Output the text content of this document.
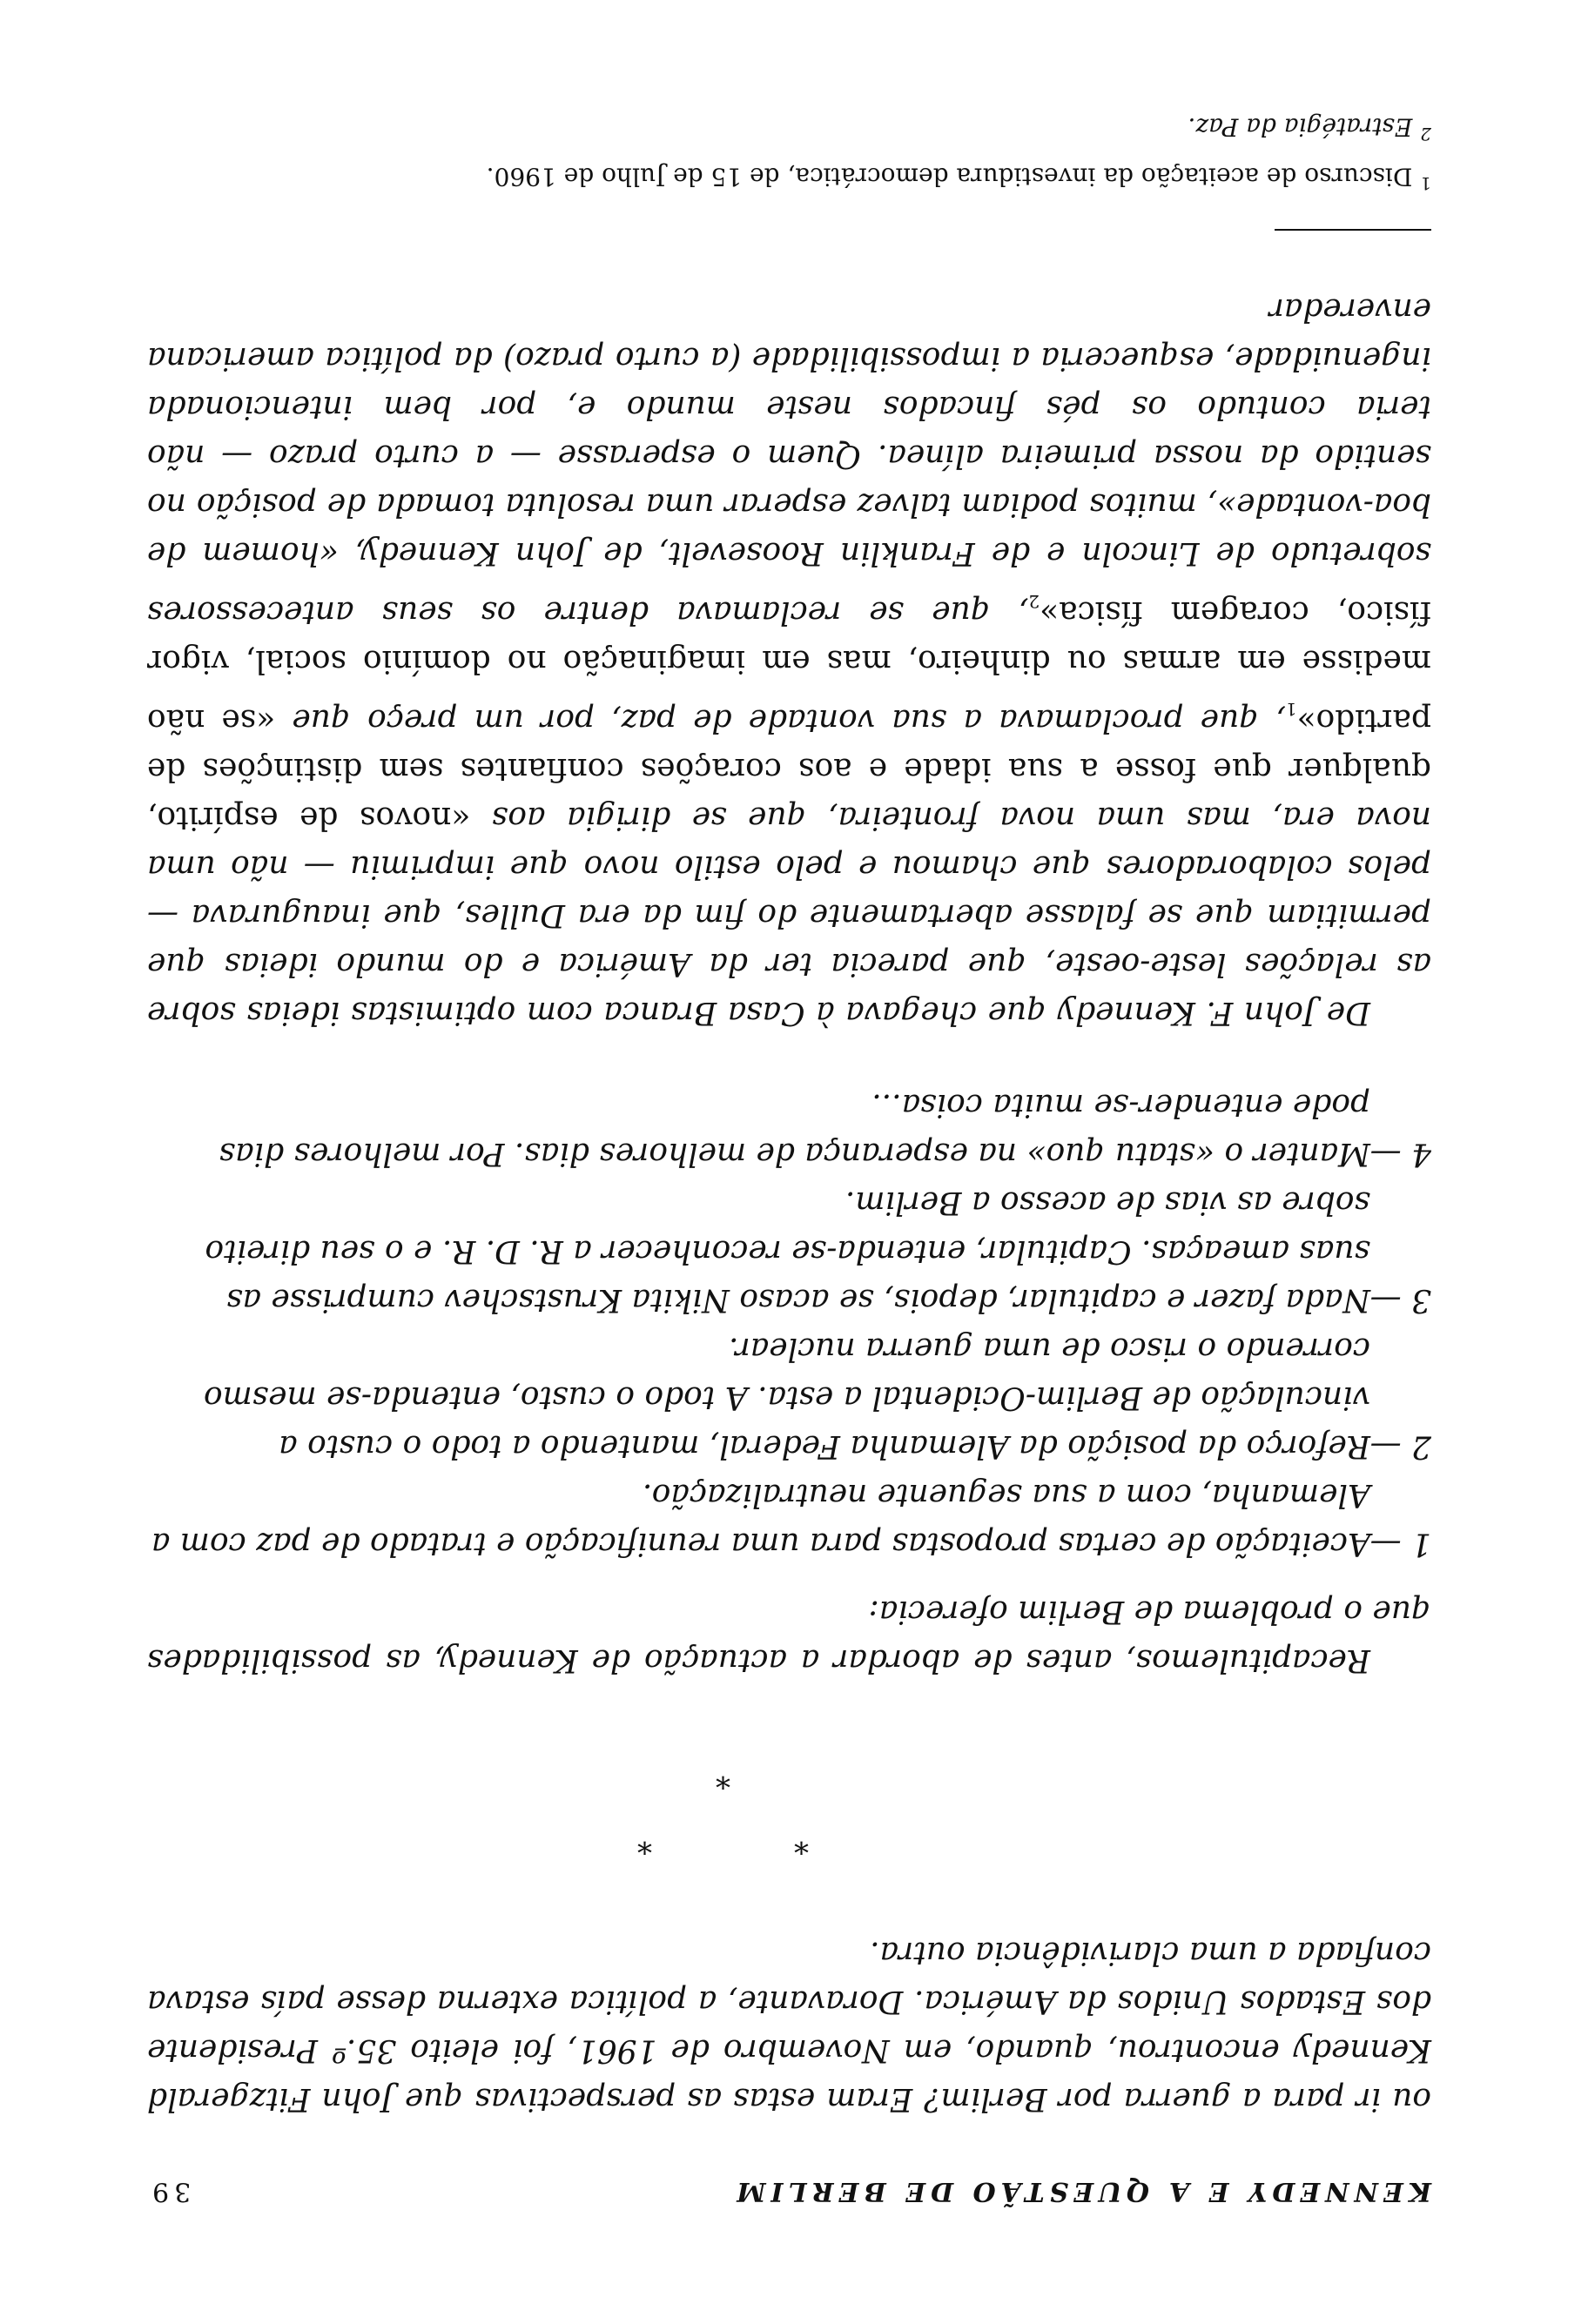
KENNEDY E A QUESTÃO DE BERLIM
39

ou ir para a guerra por Berlim? Eram estas as perspectivas que John Fitzgerald Kennedy encontrou, quando, em Novembro de 1961, foi eleito 35.º Presidente dos Estados Unidos da América. Doravante, a política externa desse país estava confiada a uma clarividência outra.

*
*
*

Recapitulemos, antes de abordar a actuação de Kennedy, as possibilidades que o problema de Berlim oferecia:

1 —
Aceitação de certas propostas para uma reunificação e tratado de paz com a Alemanha, com a sua seguente neutralização.
2 —
Reforço da posição da Alemanha Federal, mantendo a todo o custo a vinculação de Berlim-Ocidental a esta. A todo o custo, entenda-se mesmo correndo o risco de uma guerra nuclear.
3 —
Nada fazer e capitular, depois, se acaso Nikita Krustschev cumprisse as suas ameaças. Capitular, entenda-se reconhecer a R. D. R. e o seu direito sobre as vias de acesso a Berlim.
4 —
Manter o «statu quo» na esperança de melhores dias. Por melhores dias pode entender-se muita coisa...

De John F. Kennedy que chegava à Casa Branca com optimistas ideias sobre as relações leste-oeste, que parecia ter da América e do mundo ideias que permitiam que se falasse abertamente do fim da era Dulles, que inaugurava — pelos colaboradores que chamou e pelo estilo novo que imprimiu — não uma nova era, mas uma nova fronteira, que se dirigia aos «novos de espírito, qualquer que fosse a sua idade e aos corações confiantes sem distinções de $partido»_1$, que proclamava a sua vontade de paz, por um preço que «se não medisse em armas ou dinheiro, mas em imaginação no domínio social, vigor físico, coragem $física»_2$, que se reclamava dentre os seus antecessores sobretudo de Lincoln e de Franklin Roosevelt, de John Kennedy, «homem de boa-vontade», muitos podiam talvez esperar uma resoluta tomada de posição no sentido da nossa primeira alínea. Quem o esperasse — a curto prazo — não teria contudo os pés fincados neste mundo e, por bem intencionada ingenuidade, esqueceria a impossibilidade (a curto prazo) da política americana enveredar

$^1$ Discurso de aceitação da investidura democrática, de 15 de Julho de 1960.

$^2$ Estratégia da Paz.
